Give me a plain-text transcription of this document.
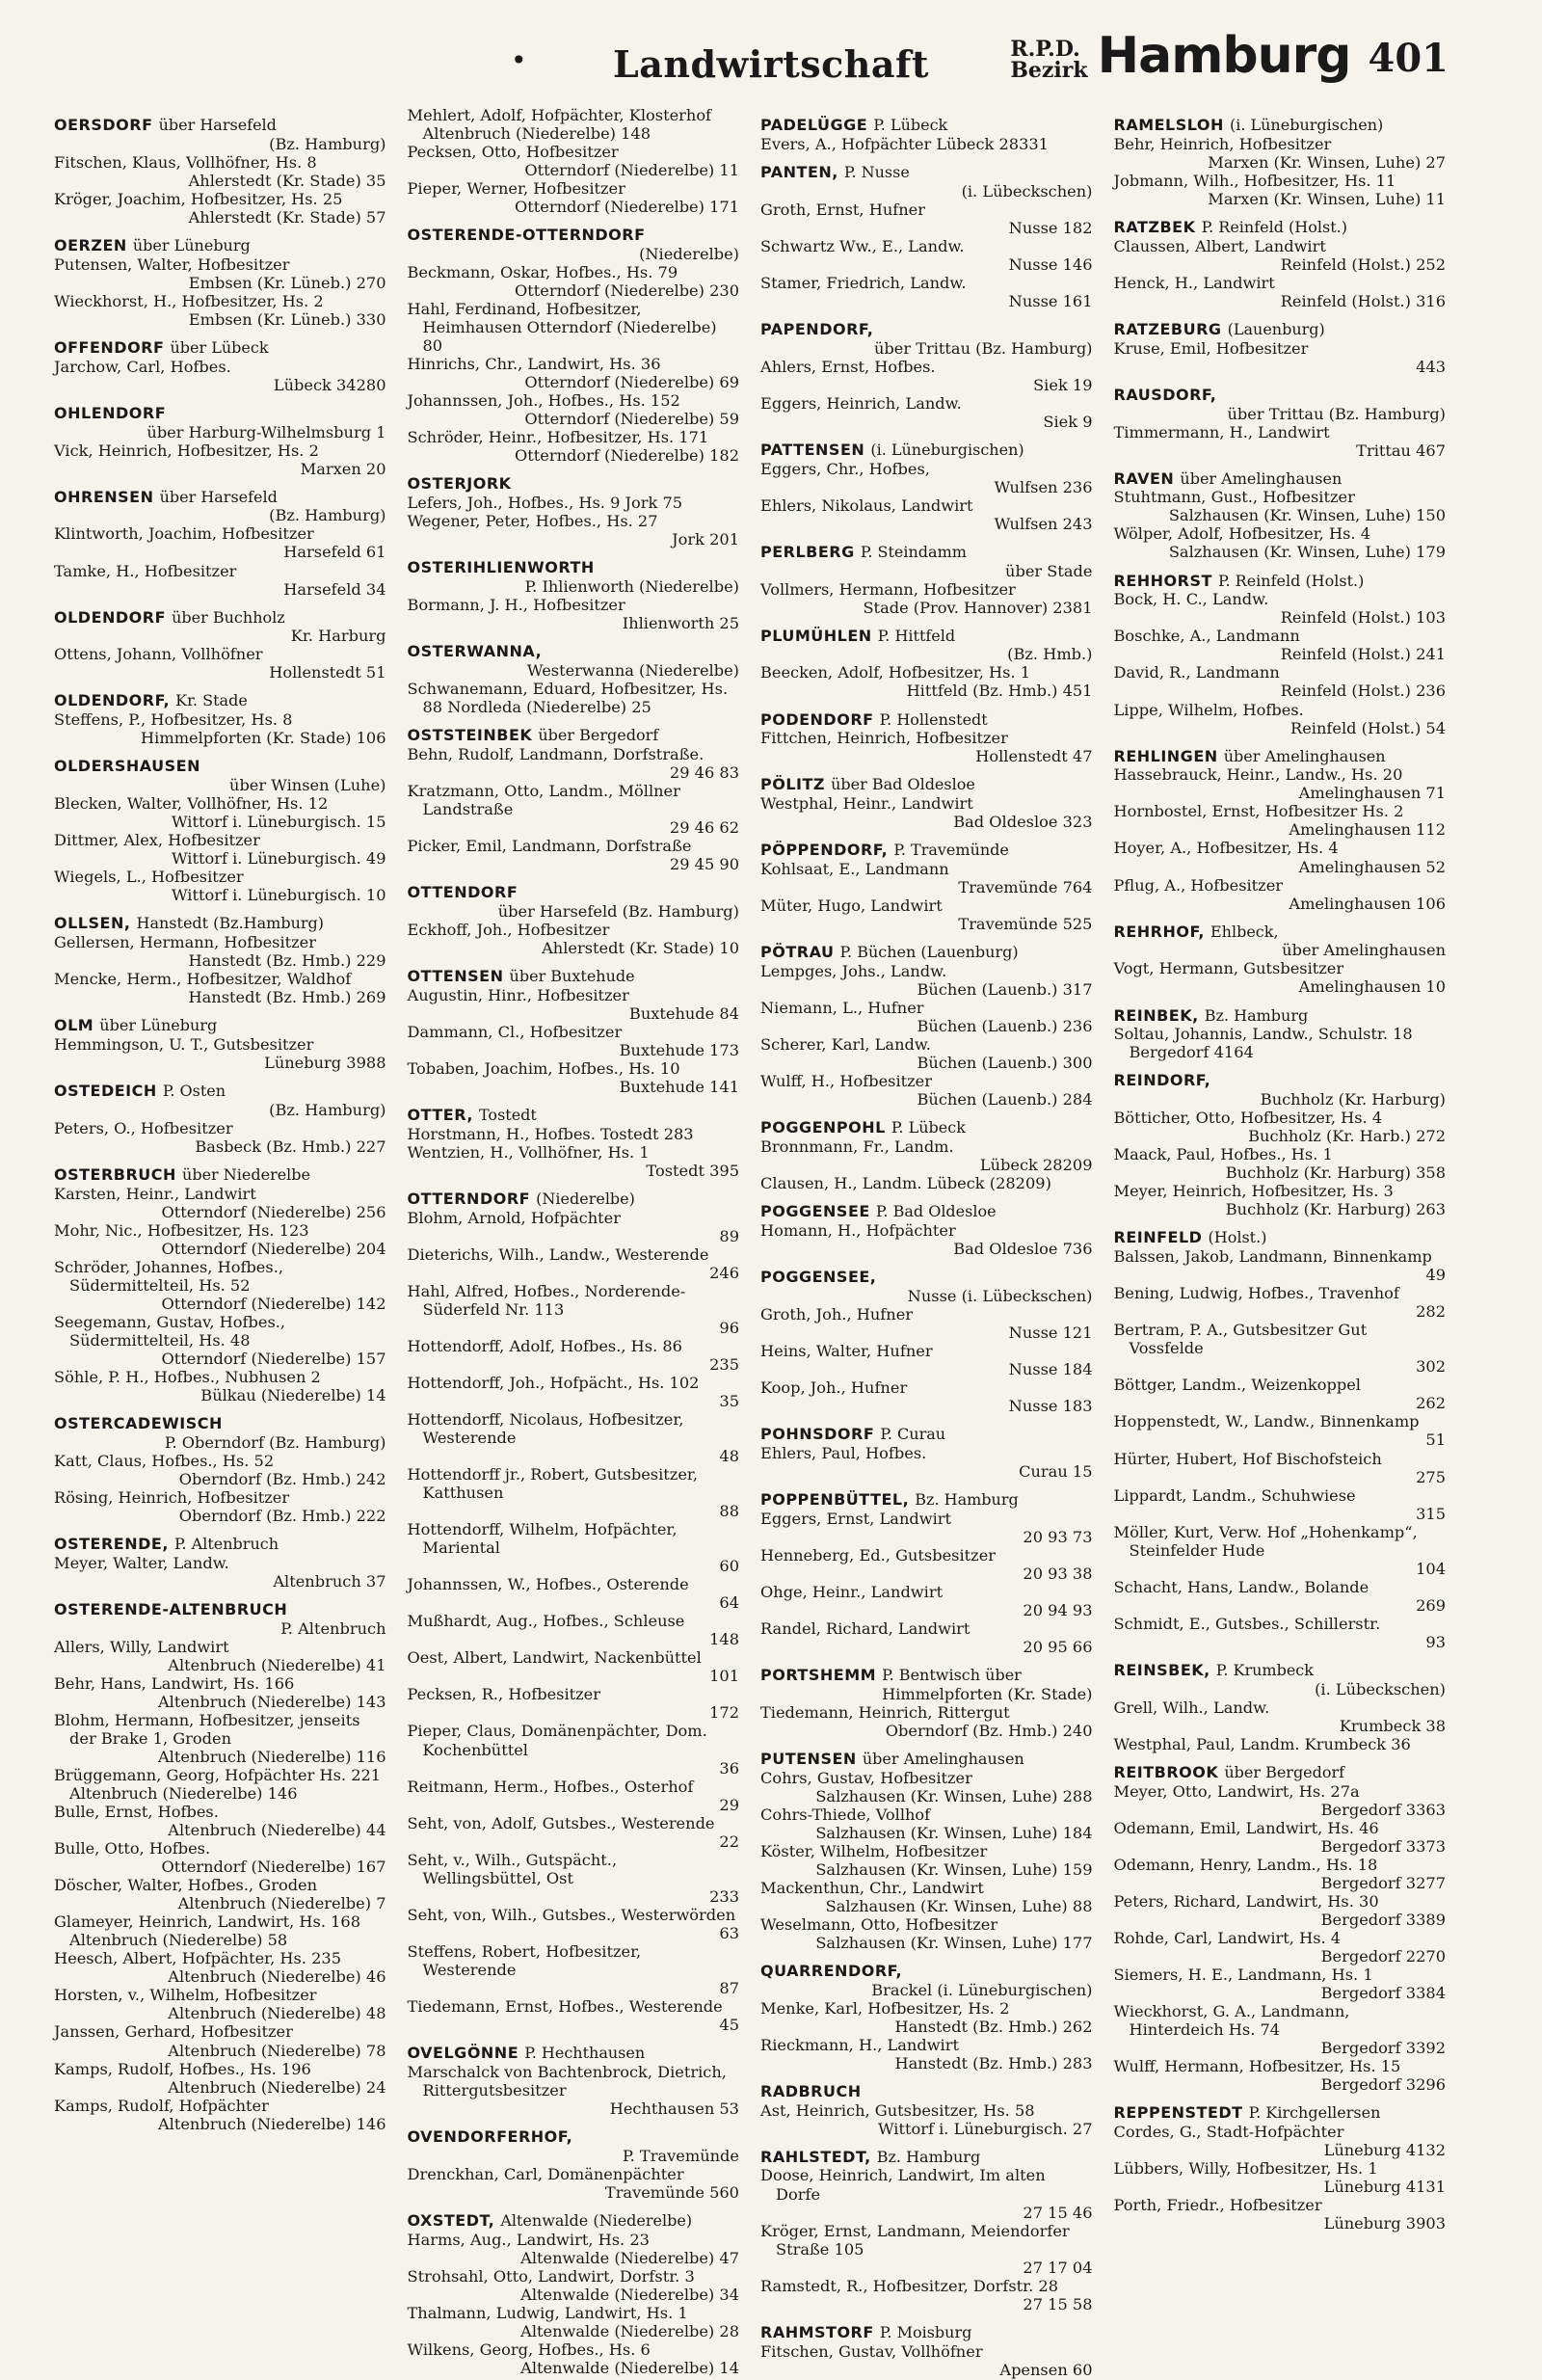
•	Landwirtschaft	R.P.D.
Bezirk Hamburg 401
OERSDORF über Harsefeld
(Bz. Hamburg)
Fitschen, Klaus, Vollhöfner, Hs. 8
Ahlerstedt (Kr. Stade) 35
Kröger, Joachim, Hofbesitzer, Hs. 25
Ahlerstedt (Kr. Stade) 57
OERZEN über Lüneburg
Putensen, Walter, Hofbesitzer
Embsen (Kr. Lüneb.) 270
Wieckhorst, H., Hofbesitzer, Hs. 2
Embsen (Kr. Lüneb.) 330
OFFENDORF über Lübeck
Jarchow, Carl, Hofbes.
Lübeck 34280
OHLENDORF
über Harburg-Wilhelmsburg 1
Vick, Heinrich, Hofbesitzer, Hs. 2
Marxen 20
OHRENSEN über Harsefeld
(Bz. Hamburg)
Klintworth, Joachim, Hofbesitzer
Harsefeld 61
Tamke, H., Hofbesitzer
Harsefeld 34
OLDENDORF über Buchholz
Kr. Harburg
Ottens, Johann, Vollhöfner
Hollenstedt 51
OLDENDORF, Kr. Stade
Steffens, P., Hofbesitzer, Hs. 8
Himmelpforten (Kr. Stade) 106
OLDERSHAUSEN
über Winsen (Luhe)
Blecken, Walter, Vollhöfner, Hs. 12
Wittorf i. Lüneburgisch. 15
Dittmer, Alex, Hofbesitzer
Wittorf i. Lüneburgisch. 49
Wiegels, L., Hofbesitzer
Wittorf i. Lüneburgisch. 10
OLLSEN, Hanstedt (Bz.Hamburg)
Gellersen, Hermann, Hofbesitzer
Hanstedt (Bz. Hmb.) 229
Mencke, Herm., Hofbesitzer, Waldhof
Hanstedt (Bz. Hmb.) 269
OLM über Lüneburg
Hemmingson, U. T., Gutsbesitzer
Lüneburg 3988
OSTEDEICH P. Osten
(Bz. Hamburg)
Peters, O., Hofbesitzer
Basbeck (Bz. Hmb.) 227
OSTERBRUCH über Niederelbe
Karsten, Heinr., Landwirt
Otterndorf (Niederelbe) 256
Mohr, Nic., Hofbesitzer, Hs. 123
Otterndorf (Niederelbe) 204
Schröder, Johannes, Hofbes., Südermittelteil, Hs. 52
Otterndorf (Niederelbe) 142
Seegemann, Gustav, Hofbes., Südermittelteil, Hs. 48
Otterndorf (Niederelbe) 157
Söhle, P. H., Hofbes., Nubhusen 2
Bülkau (Niederelbe) 14
OSTERCADEWISCH
P. Oberndorf (Bz. Hamburg)
Katt, Claus, Hofbes., Hs. 52
Oberndorf (Bz. Hmb.) 242
Rösing, Heinrich, Hofbesitzer
Oberndorf (Bz. Hmb.) 222
OSTERENDE, P. Altenbruch
Meyer, Walter, Landw.
Altenbruch 37
OSTERENDE-ALTENBRUCH
P. Altenbruch
Allers, Willy, Landwirt
Altenbruch (Niederelbe) 41
Behr, Hans, Landwirt, Hs. 166
Altenbruch (Niederelbe) 143
Blohm, Hermann, Hofbesitzer, jenseits der Brake 1, Groden
Altenbruch (Niederelbe) 116
Brüggemann, Georg, Hofpächter Hs. 221 Altenbruch (Niederelbe) 146
Bulle, Ernst, Hofbes.
Altenbruch (Niederelbe) 44
Bulle, Otto, Hofbes.
Otterndorf (Niederelbe) 167
Döscher, Walter, Hofbes., Groden
Altenbruch (Niederelbe) 7
Glameyer, Heinrich, Landwirt, Hs. 168 Altenbruch (Niederelbe) 58
Heesch, Albert, Hofpächter, Hs. 235
Altenbruch (Niederelbe) 46
Horsten, v., Wilhelm, Hofbesitzer
Altenbruch (Niederelbe) 48
Janssen, Gerhard, Hofbesitzer
Altenbruch (Niederelbe) 78
Kamps, Rudolf, Hofbes., Hs. 196
Altenbruch (Niederelbe) 24
Kamps, Rudolf, Hofpächter
Altenbruch (Niederelbe) 146
Mehlert, Adolf, Hofpächter, Klosterhof Altenbruch (Niederelbe) 148
Pecksen, Otto, Hofbesitzer
Otterndorf (Niederelbe) 11
Pieper, Werner, Hofbesitzer
Otterndorf (Niederelbe) 171
OSTERENDE-OTTERNDORF
(Niederelbe)
Beckmann, Oskar, Hofbes., Hs. 79
Otterndorf (Niederelbe) 230
Hahl, Ferdinand, Hofbesitzer, Heimhausen Otterndorf (Niederelbe) 80
Hinrichs, Chr., Landwirt, Hs. 36
Otterndorf (Niederelbe) 69
Johannssen, Joh., Hofbes., Hs. 152
Otterndorf (Niederelbe) 59
Schröder, Heinr., Hofbesitzer, Hs. 171
Otterndorf (Niederelbe) 182
OSTERJORK
Lefers, Joh., Hofbes., Hs. 9 Jork 75
Wegener, Peter, Hofbes., Hs. 27
Jork 201
OSTERIHLIENWORTH
P. Ihlienworth (Niederelbe)
Bormann, J. H., Hofbesitzer
Ihlienworth 25
OSTERWANNA,
Westerwanna (Niederelbe)
Schwanemann, Eduard, Hofbesitzer, Hs. 88 Nordleda (Niederelbe) 25
OSTSTEINBEK über Bergedorf
Behn, Rudolf, Landmann, Dorfstraße.
29 46 83
Kratzmann, Otto, Landm., Möllner Landstraße
29 46 62
Picker, Emil, Landmann, Dorfstraße
29 45 90
OTTENDORF
über Harsefeld (Bz. Hamburg)
Eckhoff, Joh., Hofbesitzer
Ahlerstedt (Kr. Stade) 10
OTTENSEN über Buxtehude
Augustin, Hinr., Hofbesitzer
Buxtehude 84
Dammann, Cl., Hofbesitzer
Buxtehude 173
Tobaben, Joachim, Hofbes., Hs. 10
Buxtehude 141
OTTER, Tostedt
Horstmann, H., Hofbes. Tostedt 283
Wentzien, H., Vollhöfner, Hs. 1
Tostedt 395
OTTERNDORF (Niederelbe)
Blohm, Arnold, Hofpächter
89
Dieterichs, Wilh., Landw., Westerende
246
Hahl, Alfred, Hofbes., Norderende-Süderfeld Nr. 113
96
Hottendorff, Adolf, Hofbes., Hs. 86
235
Hottendorff, Joh., Hofpächt., Hs. 102
35
Hottendorff, Nicolaus, Hofbesitzer, Westerende
48
Hottendorff jr., Robert, Gutsbesitzer, Katthusen
88
Hottendorff, Wilhelm, Hofpächter, Mariental
60
Johannssen, W., Hofbes., Osterende
64
Mußhardt, Aug., Hofbes., Schleuse
148
Oest, Albert, Landwirt, Nackenbüttel
101
Pecksen, R., Hofbesitzer
172
Pieper, Claus, Domänenpächter, Dom. Kochenbüttel
36
Reitmann, Herm., Hofbes., Osterhof
29
Seht, von, Adolf, Gutsbes., Westerende
22
Seht, v., Wilh., Gutspächt., Wellingsbüttel, Ost
233
Seht, von, Wilh., Gutsbes., Westerwörden
63
Steffens, Robert, Hofbesitzer, Westerende
87
Tiedemann, Ernst, Hofbes., Westerende
45
OVELGÖNNE P. Hechthausen
Marschalck von Bachtenbrock, Dietrich, Rittergutsbesitzer
Hechthausen 53
OVENDORFERHOF,
P. Travemünde
Drenckhan, Carl, Domänenpächter
Travemünde 560
OXSTEDT, Altenwalde (Niederelbe)
Harms, Aug., Landwirt, Hs. 23
Altenwalde (Niederelbe) 47
Strohsahl, Otto, Landwirt, Dorfstr. 3
Altenwalde (Niederelbe) 34
Thalmann, Ludwig, Landwirt, Hs. 1
Altenwalde (Niederelbe) 28
Wilkens, Georg, Hofbes., Hs. 6
Altenwalde (Niederelbe) 14
PADELÜGGE P. Lübeck
Evers, A., Hofpächter Lübeck 28331
PANTEN, P. Nusse
(i. Lübeckschen)
Groth, Ernst, Hufner
Nusse 182
Schwartz Ww., E., Landw.
Nusse 146
Stamer, Friedrich, Landw.
Nusse 161
PAPENDORF,
über Trittau (Bz. Hamburg)
Ahlers, Ernst, Hofbes.
Siek 19
Eggers, Heinrich, Landw.
Siek 9
PATTENSEN (i. Lüneburgischen)
Eggers, Chr., Hofbes,
Wulfsen 236
Ehlers, Nikolaus, Landwirt
Wulfsen 243
PERLBERG P. Steindamm
über Stade
Vollmers, Hermann, Hofbesitzer
Stade (Prov. Hannover) 2381
PLUMÜHLEN P. Hittfeld
(Bz. Hmb.)
Beecken, Adolf, Hofbesitzer, Hs. 1
Hittfeld (Bz. Hmb.) 451
PODENDORF P. Hollenstedt
Fittchen, Heinrich, Hofbesitzer
Hollenstedt 47
PÖLITZ über Bad Oldesloe
Westphal, Heinr., Landwirt
Bad Oldesloe 323
PÖPPENDORF, P. Travemünde
Kohlsaat, E., Landmann
Travemünde 764
Müter, Hugo, Landwirt
Travemünde 525
PÖTRAU P. Büchen (Lauenburg)
Lempges, Johs., Landw.
Büchen (Lauenb.) 317
Niemann, L., Hufner
Büchen (Lauenb.) 236
Scherer, Karl, Landw.
Büchen (Lauenb.) 300
Wulff, H., Hofbesitzer
Büchen (Lauenb.) 284
POGGENPOHL P. Lübeck
Bronnmann, Fr., Landm.
Lübeck 28209
Clausen, H., Landm. Lübeck (28209)
POGGENSEE P. Bad Oldesloe
Homann, H., Hofpächter
Bad Oldesloe 736
POGGENSEE,
Nusse (i. Lübeckschen)
Groth, Joh., Hufner
Nusse 121
Heins, Walter, Hufner
Nusse 184
Koop, Joh., Hufner
Nusse 183
POHNSDORF P. Curau
Ehlers, Paul, Hofbes.
Curau 15
POPPENBÜTTEL, Bz. Hamburg
Eggers, Ernst, Landwirt
20 93 73
Henneberg, Ed., Gutsbesitzer
20 93 38
Ohge, Heinr., Landwirt
20 94 93
Randel, Richard, Landwirt
20 95 66
PORTSHEMM P. Bentwisch über
Himmelpforten (Kr. Stade)
Tiedemann, Heinrich, Rittergut
Oberndorf (Bz. Hmb.) 240
PUTENSEN über Amelinghausen
Cohrs, Gustav, Hofbesitzer
Salzhausen (Kr. Winsen, Luhe) 288
Cohrs-Thiede, Vollhof
Salzhausen (Kr. Winsen, Luhe) 184
Köster, Wilhelm, Hofbesitzer
Salzhausen (Kr. Winsen, Luhe) 159
Mackenthun, Chr., Landwirt
Salzhausen (Kr. Winsen, Luhe) 88
Weselmann, Otto, Hofbesitzer
Salzhausen (Kr. Winsen, Luhe) 177
QUARRENDORF,
Brackel (i. Lüneburgischen)
Menke, Karl, Hofbesitzer, Hs. 2
Hanstedt (Bz. Hmb.) 262
Rieckmann, H., Landwirt
Hanstedt (Bz. Hmb.) 283
RADBRUCH
Ast, Heinrich, Gutsbesitzer, Hs. 58
Wittorf i. Lüneburgisch. 27
RAHLSTEDT, Bz. Hamburg
Doose, Heinrich, Landwirt, Im alten Dorfe
27 15 46
Kröger, Ernst, Landmann, Meiendorfer Straße 105
27 17 04
Ramstedt, R., Hofbesitzer, Dorfstr. 28
27 15 58
RAHMSTORF P. Moisburg
Fitschen, Gustav, Vollhöfner
Apensen 60
RAMELSLOH (i. Lüneburgischen)
Behr, Heinrich, Hofbesitzer
Marxen (Kr. Winsen, Luhe) 27
Jobmann, Wilh., Hofbesitzer, Hs. 11
Marxen (Kr. Winsen, Luhe) 11
RATZBEK P. Reinfeld (Holst.)
Claussen, Albert, Landwirt
Reinfeld (Holst.) 252
Henck, H., Landwirt
Reinfeld (Holst.) 316
RATZEBURG (Lauenburg)
Kruse, Emil, Hofbesitzer
443
RAUSDORF,
über Trittau (Bz. Hamburg)
Timmermann, H., Landwirt
Trittau 467
RAVEN über Amelinghausen
Stuhtmann, Gust., Hofbesitzer
Salzhausen (Kr. Winsen, Luhe) 150
Wölper, Adolf, Hofbesitzer, Hs. 4
Salzhausen (Kr. Winsen, Luhe) 179
REHHORST P. Reinfeld (Holst.)
Bock, H. C., Landw.
Reinfeld (Holst.) 103
Boschke, A., Landmann
Reinfeld (Holst.) 241
David, R., Landmann
Reinfeld (Holst.) 236
Lippe, Wilhelm, Hofbes.
Reinfeld (Holst.) 54
REHLINGEN über Amelinghausen
Hassebrauck, Heinr., Landw., Hs. 20
Amelinghausen 71
Hornbostel, Ernst, Hofbesitzer Hs. 2
Amelinghausen 112
Hoyer, A., Hofbesitzer, Hs. 4
Amelinghausen 52
Pflug, A., Hofbesitzer
Amelinghausen 106
REHRHOF, Ehlbeck,
über Amelinghausen
Vogt, Hermann, Gutsbesitzer
Amelinghausen 10
REINBEK, Bz. Hamburg
Soltau, Johannis, Landw., Schulstr. 18 Bergedorf 4164
REINDORF,
Buchholz (Kr. Harburg)
Bötticher, Otto, Hofbesitzer, Hs. 4
Buchholz (Kr. Harb.) 272
Maack, Paul, Hofbes., Hs. 1
Buchholz (Kr. Harburg) 358
Meyer, Heinrich, Hofbesitzer, Hs. 3
Buchholz (Kr. Harburg) 263
REINFELD (Holst.)
Balssen, Jakob, Landmann, Binnenkamp
49
Bening, Ludwig, Hofbes., Travenhof
282
Bertram, P. A., Gutsbesitzer Gut Vossfelde
302
Böttger, Landm., Weizenkoppel
262
Hoppenstedt, W., Landw., Binnenkamp
51
Hürter, Hubert, Hof Bischofsteich
275
Lippardt, Landm., Schuhwiese
315
Möller, Kurt, Verw. Hof „Hohenkamp“, Steinfelder Hude
104
Schacht, Hans, Landw., Bolande
269
Schmidt, E., Gutsbes., Schillerstr.
93
REINSBEK, P. Krumbeck
(i. Lübeckschen)
Grell, Wilh., Landw.
Krumbeck 38
Westphal, Paul, Landm. Krumbeck 36
REITBROOK über Bergedorf
Meyer, Otto, Landwirt, Hs. 27a
Bergedorf 3363
Odemann, Emil, Landwirt, Hs. 46
Bergedorf 3373
Odemann, Henry, Landm., Hs. 18
Bergedorf 3277
Peters, Richard, Landwirt, Hs. 30
Bergedorf 3389
Rohde, Carl, Landwirt, Hs. 4
Bergedorf 2270
Siemers, H. E., Landmann, Hs. 1
Bergedorf 3384
Wieckhorst, G. A., Landmann, Hinterdeich Hs. 74
Bergedorf 3392
Wulff, Hermann, Hofbesitzer, Hs. 15
Bergedorf 3296
REPPENSTEDT P. Kirchgellersen
Cordes, G., Stadt-Hofpächter
Lüneburg 4132
Lübbers, Willy, Hofbesitzer, Hs. 1
Lüneburg 4131
Porth, Friedr., Hofbesitzer
Lüneburg 3903
